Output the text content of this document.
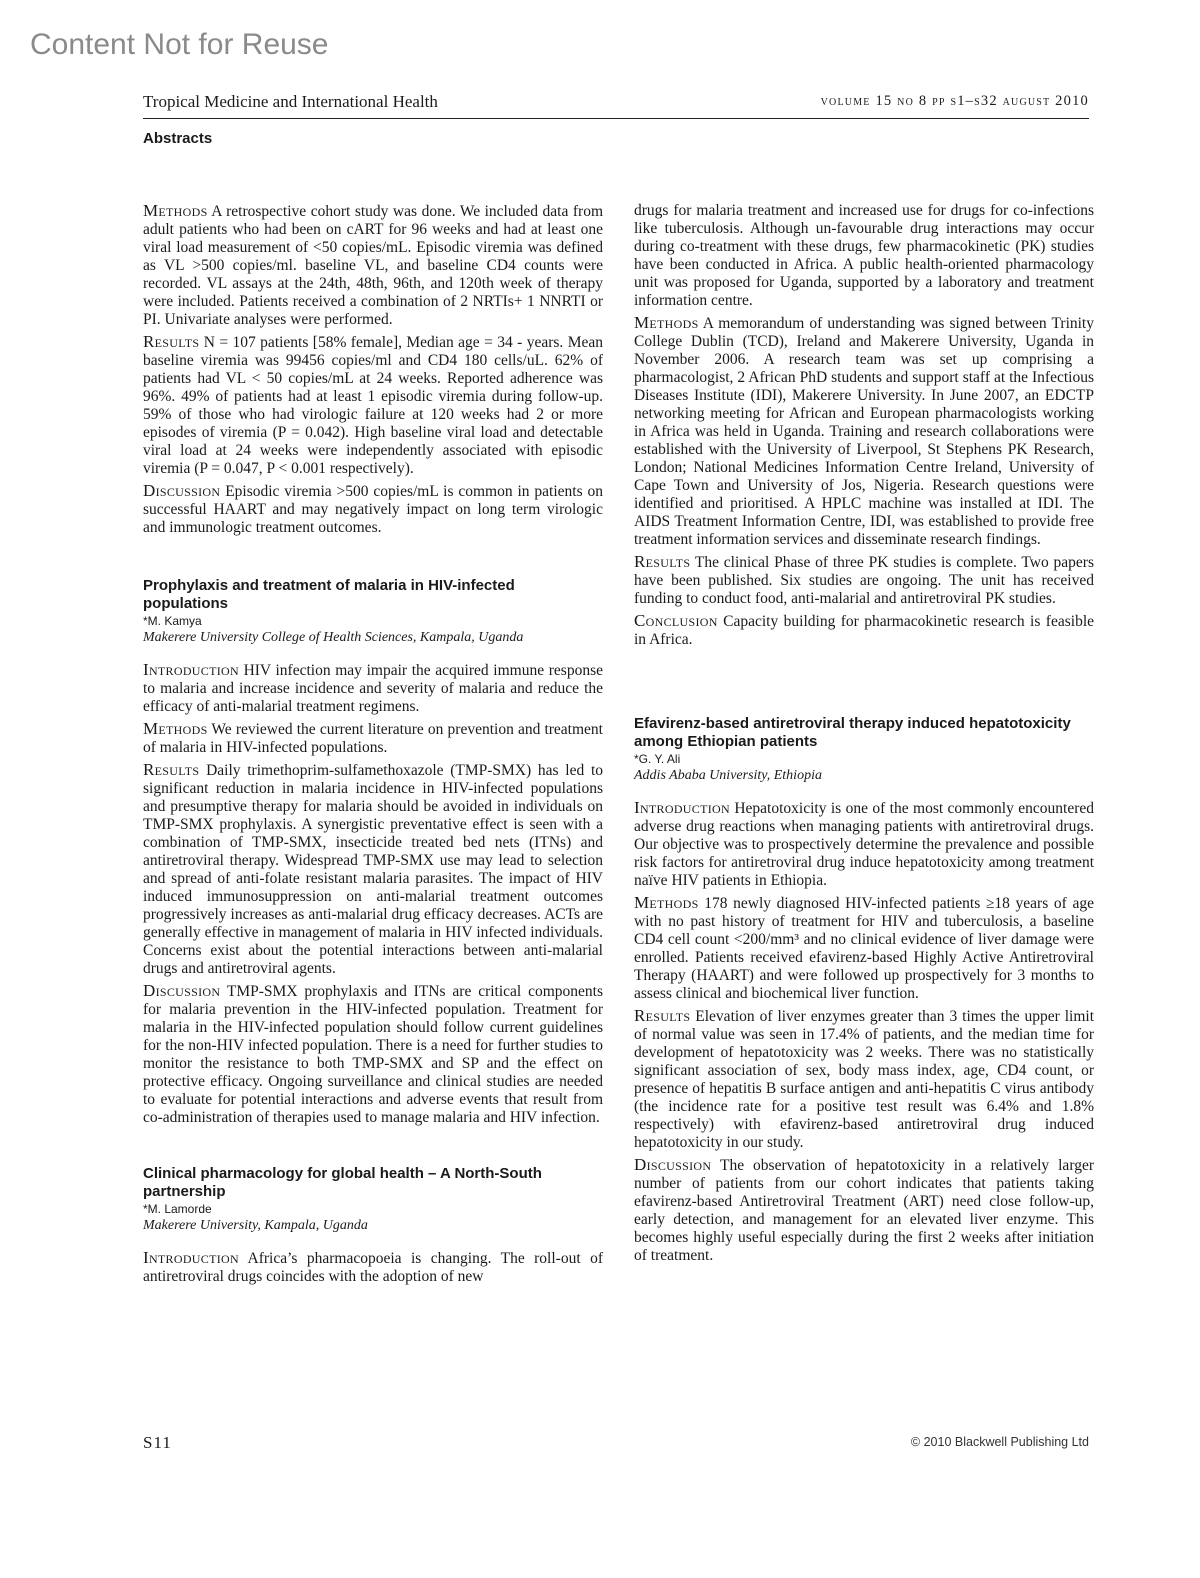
Content Not for Reuse
Tropical Medicine and International Health	volume 15 no 8 pp s1–s32 august 2010
Abstracts

Methods A retrospective cohort study was done. We included data from adult patients who had been on cART for 96 weeks and had at least one viral load measurement of <50 copies/mL. Episodic viremia was defined as VL >500 copies/ml. baseline VL, and baseline CD4 counts were recorded. VL assays at the 24th, 48th, 96th, and 120th week of therapy were included. Patients received a combination of 2 NRTIs+ 1 NNRTI or PI. Univariate analyses were performed.

Results N = 107 patients [58% female], Median age = 34 - years. Mean baseline viremia was 99456 copies/ml and CD4 180 cells/uL. 62% of patients had VL < 50 copies/mL at 24 weeks. Reported adherence was 96%. 49% of patients had at least 1 episodic viremia during follow-up. 59% of those who had virologic failure at 120 weeks had 2 or more episodes of viremia (P = 0.042). High baseline viral load and detectable viral load at 24 weeks were independently associated with episodic viremia (P = 0.047, P < 0.001 respectively).

Discussion Episodic viremia >500 copies/mL is common in patients on successful HAART and may negatively impact on long term virologic and immunologic treatment outcomes.

Prophylaxis and treatment of malaria in HIV-infected populations

*M. Kamya

Makerere University College of Health Sciences, Kampala, Uganda

Introduction HIV infection may impair the acquired immune response to malaria and increase incidence and severity of malaria and reduce the efficacy of anti-malarial treatment regimens.

Methods We reviewed the current literature on prevention and treatment of malaria in HIV-infected populations.

Results Daily trimethoprim-sulfamethoxazole (TMP-SMX) has led to significant reduction in malaria incidence in HIV-infected populations and presumptive therapy for malaria should be avoided in individuals on TMP-SMX prophylaxis. A synergistic preventative effect is seen with a combination of TMP-SMX, insecticide treated bed nets (ITNs) and antiretroviral therapy. Widespread TMP-SMX use may lead to selection and spread of anti-folate resistant malaria parasites. The impact of HIV induced immunosuppression on anti-malarial treatment outcomes progressively increases as anti-malarial drug efficacy decreases. ACTs are generally effective in management of malaria in HIV infected individuals. Concerns exist about the potential interactions between anti-malarial drugs and antiretroviral agents.

Discussion TMP-SMX prophylaxis and ITNs are critical components for malaria prevention in the HIV-infected population. Treatment for malaria in the HIV-infected population should follow current guidelines for the non-HIV infected population. There is a need for further studies to monitor the resistance to both TMP-SMX and SP and the effect on protective efficacy. Ongoing surveillance and clinical studies are needed to evaluate for potential interactions and adverse events that result from co-administration of therapies used to manage malaria and HIV infection.

Clinical pharmacology for global health – A North-South partnership

*M. Lamorde

Makerere University, Kampala, Uganda

Introduction Africa’s pharmacopoeia is changing. The roll-out of antiretroviral drugs coincides with the adoption of new

drugs for malaria treatment and increased use for drugs for co-infections like tuberculosis. Although un-favourable drug interactions may occur during co-treatment with these drugs, few pharmacokinetic (PK) studies have been conducted in Africa. A public health-oriented pharmacology unit was proposed for Uganda, supported by a laboratory and treatment information centre.

Methods A memorandum of understanding was signed between Trinity College Dublin (TCD), Ireland and Makerere University, Uganda in November 2006. A research team was set up comprising a pharmacologist, 2 African PhD students and support staff at the Infectious Diseases Institute (IDI), Makerere University. In June 2007, an EDCTP networking meeting for African and European pharmacologists working in Africa was held in Uganda. Training and research collaborations were established with the University of Liverpool, St Stephens PK Research, London; National Medicines Information Centre Ireland, University of Cape Town and University of Jos, Nigeria. Research questions were identified and prioritised. A HPLC machine was installed at IDI. The AIDS Treatment Information Centre, IDI, was established to provide free treatment information services and disseminate research findings.

Results The clinical Phase of three PK studies is complete. Two papers have been published. Six studies are ongoing. The unit has received funding to conduct food, anti-malarial and antiretroviral PK studies.

Conclusion Capacity building for pharmacokinetic research is feasible in Africa.

Efavirenz-based antiretroviral therapy induced hepatotoxicity among Ethiopian patients

*G. Y. Ali

Addis Ababa University, Ethiopia

Introduction Hepatotoxicity is one of the most commonly encountered adverse drug reactions when managing patients with antiretroviral drugs. Our objective was to prospectively determine the prevalence and possible risk factors for antiretroviral drug induce hepatotoxicity among treatment naïve HIV patients in Ethiopia.

Methods 178 newly diagnosed HIV-infected patients ≥18 years of age with no past history of treatment for HIV and tuberculosis, a baseline CD4 cell count <200/mm³ and no clinical evidence of liver damage were enrolled. Patients received efavirenz-based Highly Active Antiretroviral Therapy (HAART) and were followed up prospectively for 3 months to assess clinical and biochemical liver function.

Results Elevation of liver enzymes greater than 3 times the upper limit of normal value was seen in 17.4% of patients, and the median time for development of hepatotoxicity was 2 weeks. There was no statistically significant association of sex, body mass index, age, CD4 count, or presence of hepatitis B surface antigen and anti-hepatitis C virus antibody (the incidence rate for a positive test result was 6.4% and 1.8% respectively) with efavirenz-based antiretroviral drug induced hepatotoxicity in our study.

Discussion The observation of hepatotoxicity in a relatively larger number of patients from our cohort indicates that patients taking efavirenz-based Antiretroviral Treatment (ART) need close follow-up, early detection, and management for an elevated liver enzyme. This becomes highly useful especially during the first 2 weeks after initiation of treatment.

S11	© 2010 Blackwell Publishing Ltd
